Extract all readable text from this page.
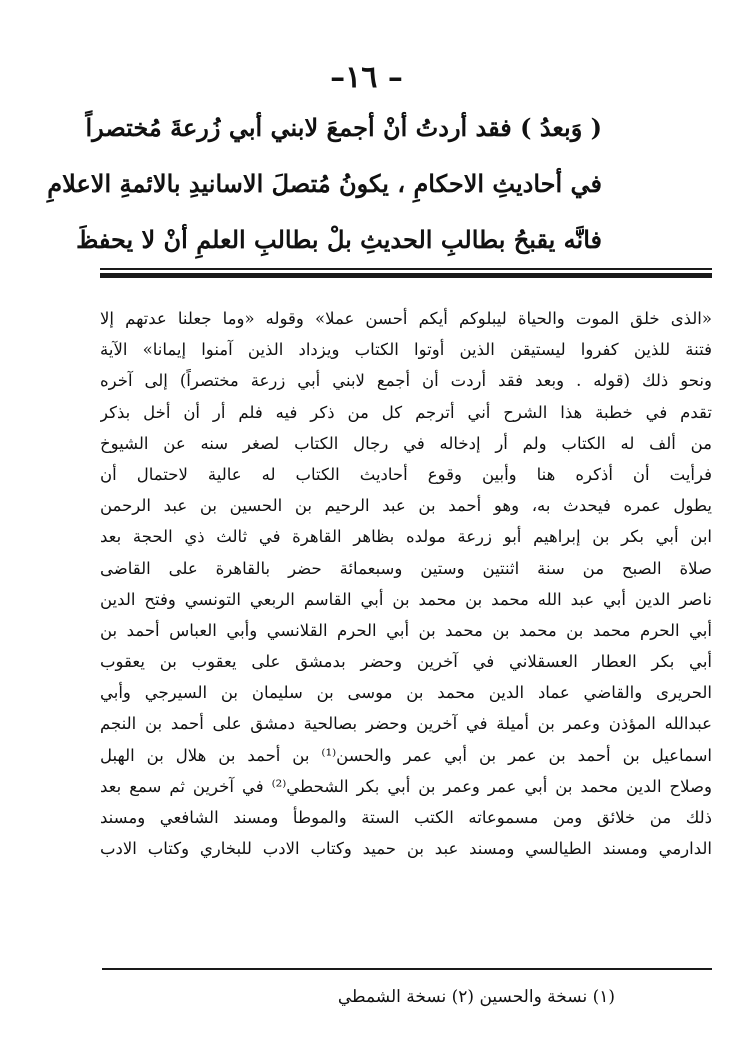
–١٦ –
( وَبعدُ ) فقد أردتُ أنْ أجمعَ لابني أبي زُرعةَ مُختصراً
في أحاديثِ الاحكامِ ، يكونُ مُتصلَ الاسانيدِ بالائمةِ الاعلامِ
فانَّه يقبحُ بطالبِ الحديثِ بلْ بطالبِ العلمِ أنْ لا يحفظَ
«الذى خلق الموت والحياة ليبلوكم أيكم أحسن عملا» وقوله «وما جعلنا عدتهم إلا
فتنة للذين كفروا ليستيقن الذين أوتوا الكتاب ويزداد الذين آمنوا إيمانا» الآية
ونحو ذلك (قوله . وبعد فقد أردت أن أجمع لابني أبي زرعة مختصراً) إلى آخره
تقدم في خطبة هذا الشرح أني أترجم كل من ذكر فيه فلم أر أن أخل بذكر
من ألف له الكتاب ولم أر إدخاله في رجال الكتاب لصغر سنه عن الشيوخ
فرأيت أن أذكره هنا وأبين وقوع أحاديث الكتاب له عالية لاحتمال أن
يطول عمره فيحدث به، وهو أحمد بن عبد الرحيم بن الحسين بن عبد الرحمن
ابن أبي بكر بن إبراهيم أبو زرعة مولده بظاهر القاهرة في ثالث ذي الحجة بعد
صلاة الصبح من سنة اثنتين وستين وسبعمائة حضر بالقاهرة على القاضى
ناصر الدين أبي عبد الله محمد بن محمد بن أبي القاسم الربعي التونسي وفتح الدين
أبي الحرم محمد بن محمد بن محمد بن أبي الحرم القلانسي وأبي العباس أحمد بن
أبي بكر العطار العسقلاني في آخرين وحضر بدمشق على يعقوب بن يعقوب
الحريرى والقاضي عماد الدين محمد بن موسى بن سليمان بن السيرجي وأبي
عبدالله المؤذن وعمر بن أميلة في آخرين وحضر بصالحية دمشق على أحمد بن النجم
اسماعيل بن أحمد بن عمر بن أبي عمر والحسن⁽¹⁾ بن أحمد بن هلال بن الهبل
وصلاح الدين محمد بن أبي عمر وعمر بن أبي بكر الشحطي⁽²⁾ في آخرين ثم سمع بعد
ذلك من خلائق ومن مسموعاته الكتب الستة والموطأ ومسند الشافعي ومسند
الدارمي ومسند الطيالسي ومسند عبد بن حميد وكتاب الادب للبخاري وكتاب الادب
(١) نسخة والحسين (٢) نسخة الشمطي
